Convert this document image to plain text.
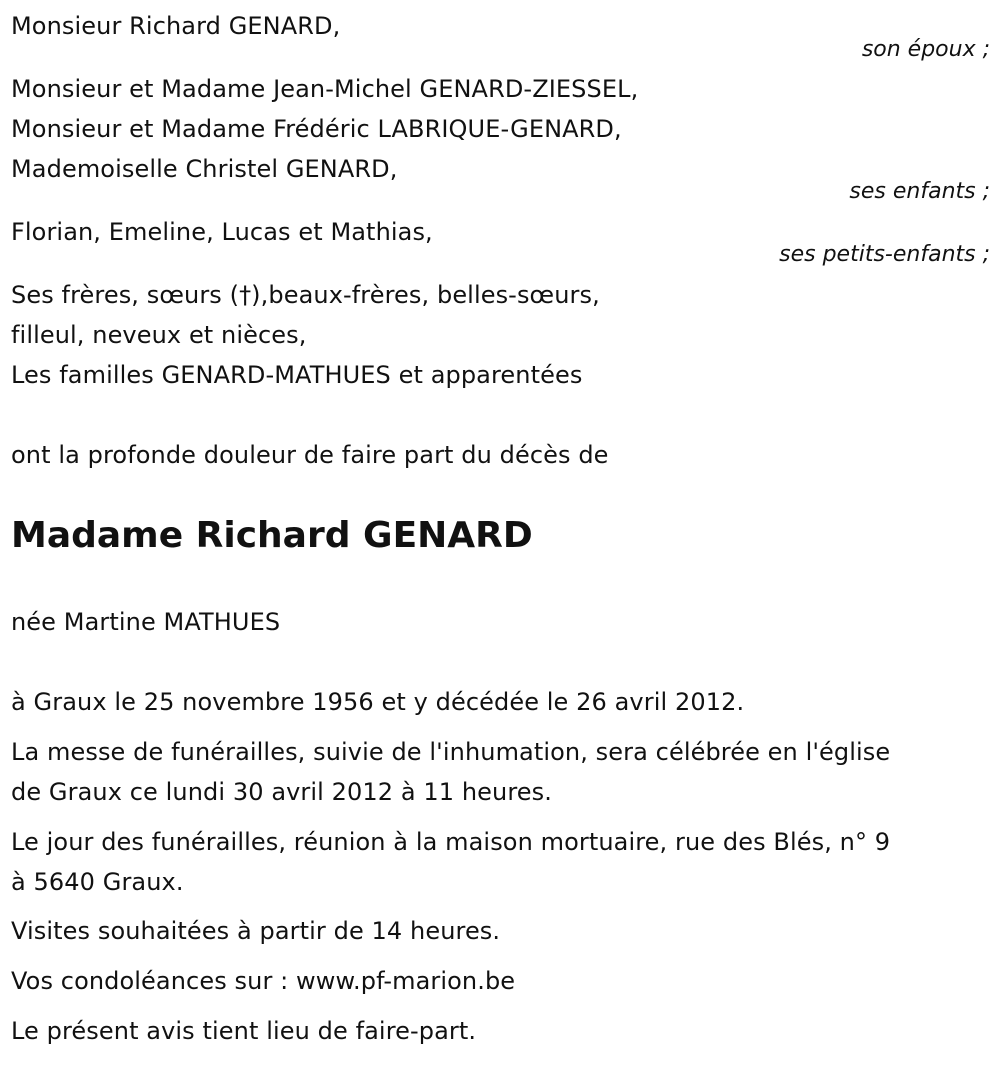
Monsieur Richard GENARD,
son époux ;
Monsieur et Madame Jean-Michel GENARD-ZIESSEL,
Monsieur et Madame Frédéric LABRIQUE-GENARD,
Mademoiselle Christel GENARD,
ses enfants ;
Florian, Emeline, Lucas et Mathias,
ses petits-enfants ;
Ses frères, sœurs (†),beaux-frères, belles-sœurs,
filleul, neveux et nièces,
Les familles GENARD-MATHUES et apparentées
ont la profonde douleur de faire part du décès de
Madame Richard GENARD
née Martine MATHUES
à Graux le 25 novembre 1956 et y décédée le 26 avril 2012.
La messe de funérailles, suivie de l'inhumation, sera célébrée en l'église
de Graux ce lundi 30 avril 2012 à 11 heures.
Le jour des funérailles, réunion à la maison mortuaire, rue des Blés, n° 9
à 5640 Graux.
Visites souhaitées à partir de 14 heures.
Vos condoléances sur : www.pf-marion.be
Le présent avis tient lieu de faire-part.
